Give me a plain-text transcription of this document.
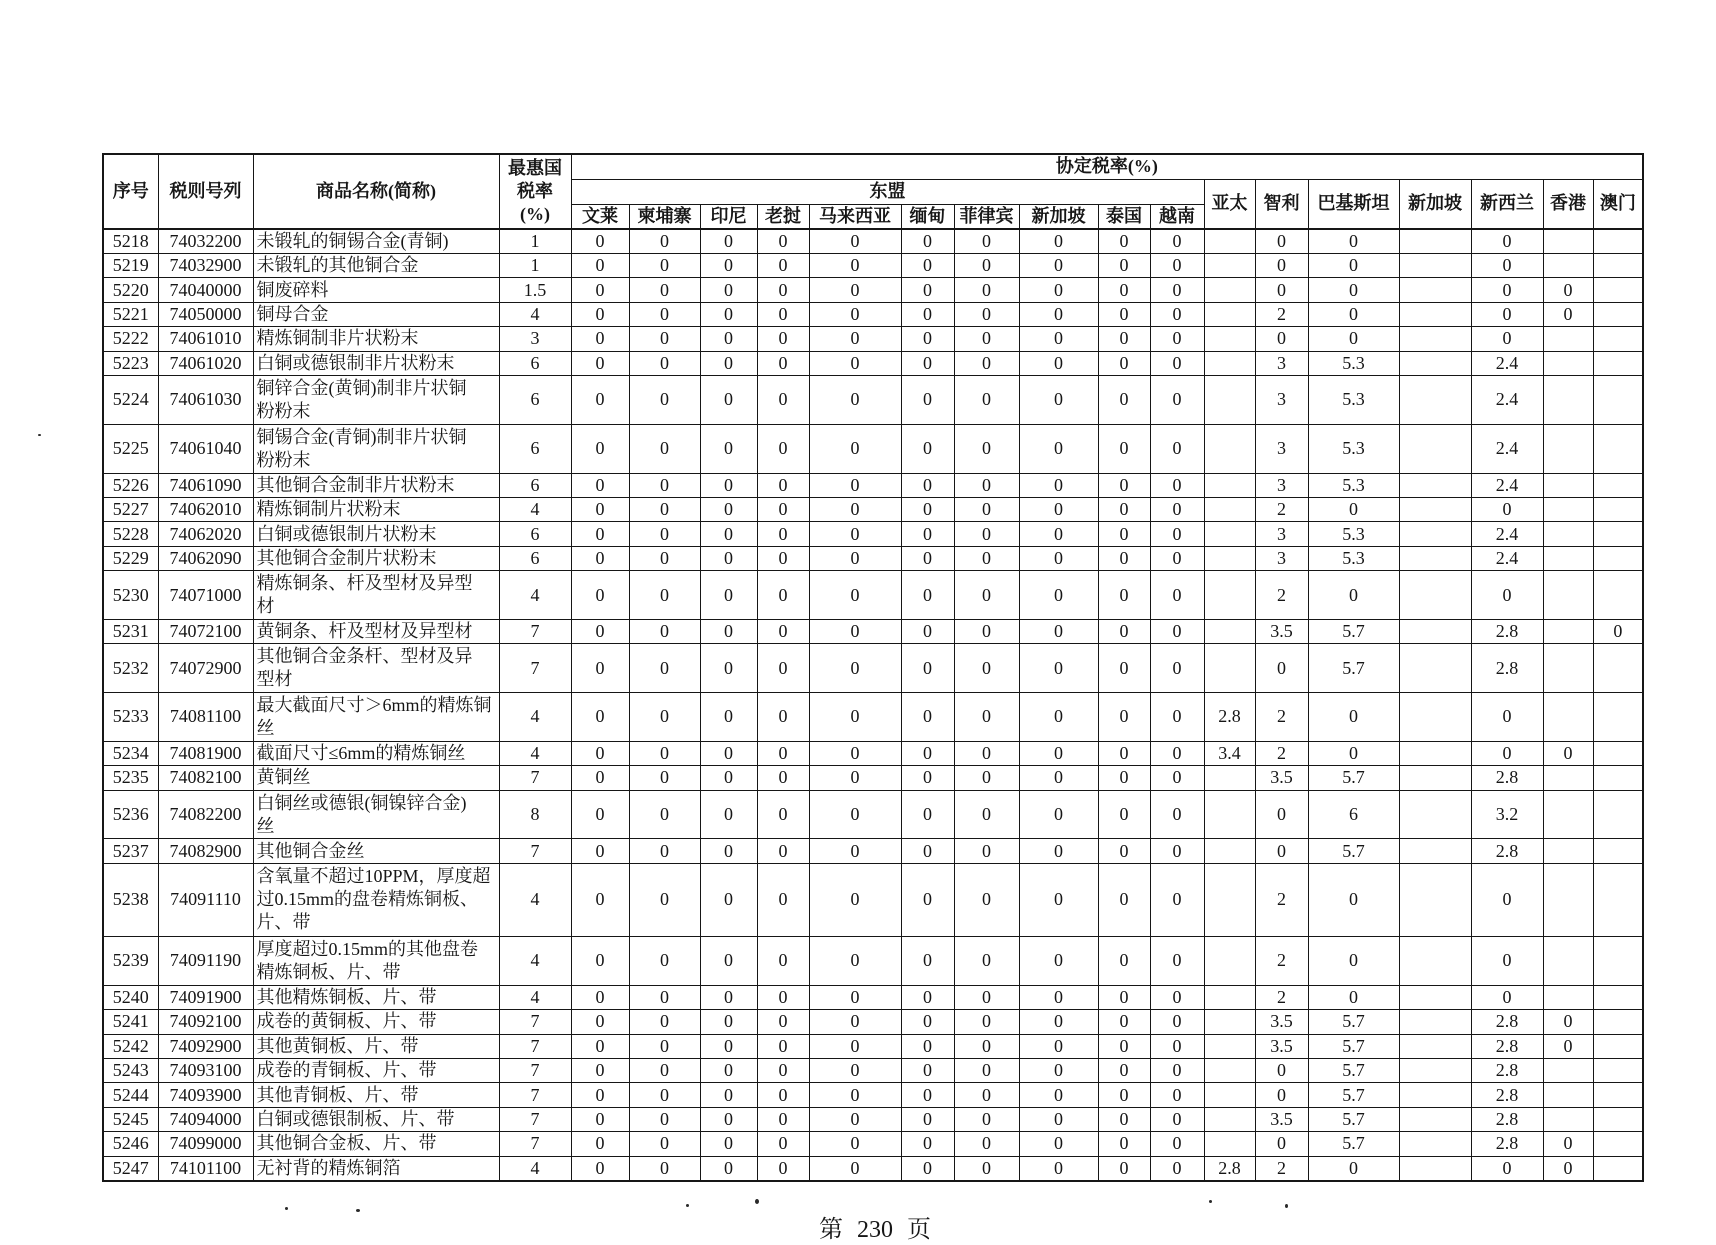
序号	税则号列	商品名称(简称)	最惠国
税率
(%)	协定税率(%)																
				东盟										亚太	智利	巴基斯坦	新加坡	新西兰	香港	澳门
				文莱	柬埔寨	印尼	老挝	马来西亚	缅甸	菲律宾	新加坡	泰国	越南							
5218	74032200	未锻轧的铜锡合金(青铜)	1	0	0	0	0	0	0	0	0	0	0		0	0		0		
5219	74032900	未锻轧的其他铜合金	1	0	0	0	0	0	0	0	0	0	0		0	0		0		
5220	74040000	铜废碎料	1.5	0	0	0	0	0	0	0	0	0	0		0	0		0	0	
5221	74050000	铜母合金	4	0	0	0	0	0	0	0	0	0	0		2	0		0	0	
5222	74061010	精炼铜制非片状粉末	3	0	0	0	0	0	0	0	0	0	0		0	0		0		
5223	74061020	白铜或德银制非片状粉末	6	0	0	0	0	0	0	0	0	0	0		3	5.3		2.4		
5224	74061030	铜锌合金(黄铜)制非片状铜
粉粉末	6	0	0	0	0	0	0	0	0	0	0		3	5.3		2.4		
5225	74061040	铜锡合金(青铜)制非片状铜
粉粉末	6	0	0	0	0	0	0	0	0	0	0		3	5.3		2.4		
5226	74061090	其他铜合金制非片状粉末	6	0	0	0	0	0	0	0	0	0	0		3	5.3		2.4		
5227	74062010	精炼铜制片状粉末	4	0	0	0	0	0	0	0	0	0	0		2	0		0		
5228	74062020	白铜或德银制片状粉末	6	0	0	0	0	0	0	0	0	0	0		3	5.3		2.4		
5229	74062090	其他铜合金制片状粉末	6	0	0	0	0	0	0	0	0	0	0		3	5.3		2.4		
5230	74071000	精炼铜条、杆及型材及异型
材	4	0	0	0	0	0	0	0	0	0	0		2	0		0		
5231	74072100	黄铜条、杆及型材及异型材	7	0	0	0	0	0	0	0	0	0	0		3.5	5.7		2.8		0
5232	74072900	其他铜合金条杆、型材及异
型材	7	0	0	0	0	0	0	0	0	0	0		0	5.7		2.8		
5233	74081100	最大截面尺寸＞6mm的精炼铜
丝	4	0	0	0	0	0	0	0	0	0	0	2.8	2	0		0		
5234	74081900	截面尺寸≤6mm的精炼铜丝	4	0	0	0	0	0	0	0	0	0	0	3.4	2	0		0	0	
5235	74082100	黄铜丝	7	0	0	0	0	0	0	0	0	0	0		3.5	5.7		2.8		
5236	74082200	白铜丝或德银(铜镍锌合金)
丝	8	0	0	0	0	0	0	0	0	0	0		0	6		3.2		
5237	74082900	其他铜合金丝	7	0	0	0	0	0	0	0	0	0	0		0	5.7		2.8		
5238	74091110	含氧量不超过10PPM，厚度超
过0.15mm的盘卷精炼铜板、
片、带	4	0	0	0	0	0	0	0	0	0	0		2	0		0		
5239	74091190	厚度超过0.15mm的其他盘卷
精炼铜板、片、带	4	0	0	0	0	0	0	0	0	0	0		2	0		0		
5240	74091900	其他精炼铜板、片、带	4	0	0	0	0	0	0	0	0	0	0		2	0		0		
5241	74092100	成卷的黄铜板、片、带	7	0	0	0	0	0	0	0	0	0	0		3.5	5.7		2.8	0	
5242	74092900	其他黄铜板、片、带	7	0	0	0	0	0	0	0	0	0	0		3.5	5.7		2.8	0	
5243	74093100	成卷的青铜板、片、带	7	0	0	0	0	0	0	0	0	0	0		0	5.7		2.8		
5244	74093900	其他青铜板、片、带	7	0	0	0	0	0	0	0	0	0	0		0	5.7		2.8		
5245	74094000	白铜或德银制板、片、带	7	0	0	0	0	0	0	0	0	0	0		3.5	5.7		2.8		
5246	74099000	其他铜合金板、片、带	7	0	0	0	0	0	0	0	0	0	0		0	5.7		2.8	0	
5247	74101100	无衬背的精炼铜箔	4	0	0	0	0	0	0	0	0	0	0	2.8	2	0		0	0	
第 230 页
